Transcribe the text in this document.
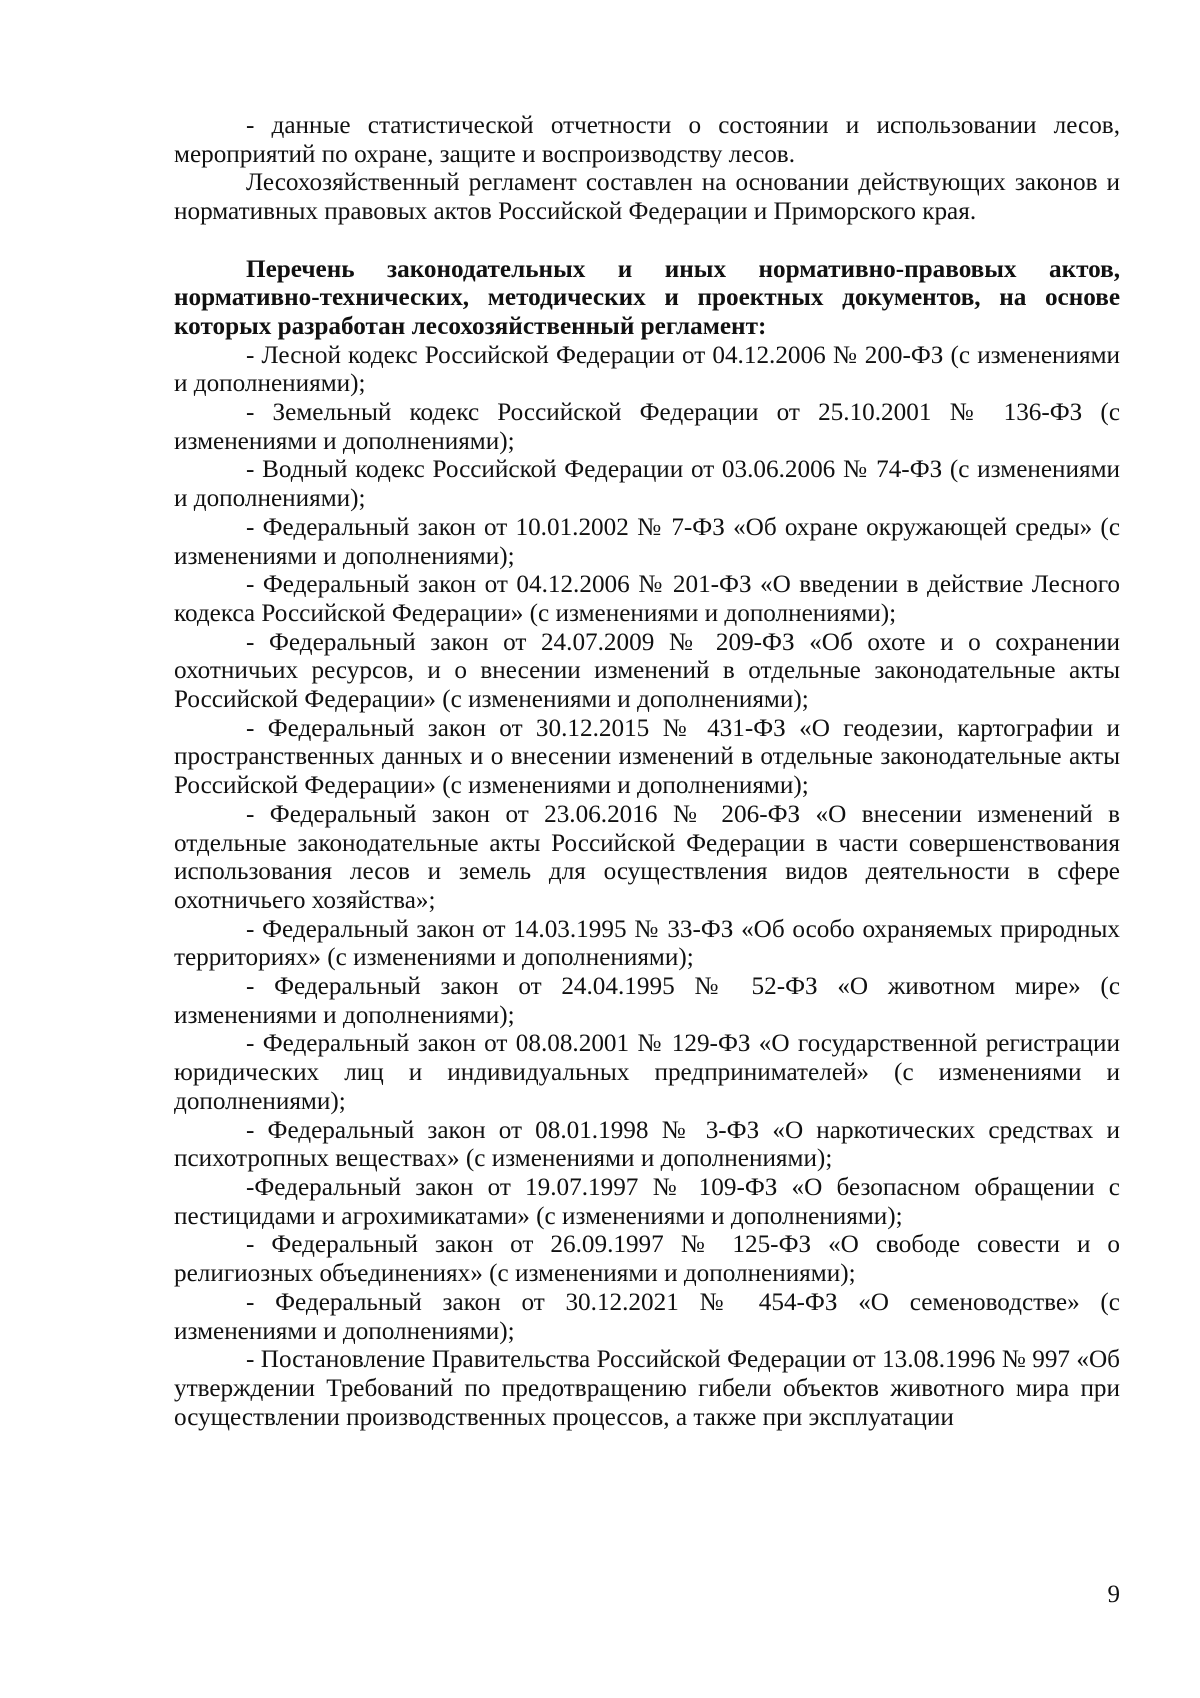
- данные статистической отчетности о состоянии и использовании лесов, мероприятий по охране, защите и воспроизводству лесов.

Лесохозяйственный регламент составлен на основании действующих законов и нормативных правовых актов Российской Федерации и Приморского края.

Перечень законодательных и иных нормативно-правовых актов, нормативно-технических, методических и проектных документов, на основе которых разработан лесохозяйственный регламент:

- Лесной кодекс Российской Федерации от 04.12.2006 № 200-ФЗ (с изменениями и дополнениями);

- Земельный кодекс Российской Федерации от 25.10.2001 № 136-ФЗ (с изменениями и дополнениями);

- Водный кодекс Российской Федерации от 03.06.2006 № 74-ФЗ (с изменениями и дополнениями);

- Федеральный закон от 10.01.2002 № 7-ФЗ «Об охране окружающей среды» (с изменениями и дополнениями);

- Федеральный закон от 04.12.2006 № 201-ФЗ «О введении в действие Лесного кодекса Российской Федерации» (с изменениями и дополнениями);

- Федеральный закон от 24.07.2009 № 209-ФЗ «Об охоте и о сохранении охотничьих ресурсов, и о внесении изменений в отдельные законодательные акты Российской Федерации» (с изменениями и дополнениями);

- Федеральный закон от 30.12.2015 № 431-ФЗ «О геодезии, картографии и пространственных данных и о внесении изменений в отдельные законодательные акты Российской Федерации» (с изменениями и дополнениями);

- Федеральный закон от 23.06.2016 № 206-ФЗ «О внесении изменений в отдельные законодательные акты Российской Федерации в части совершенствования использования лесов и земель для осуществления видов деятельности в сфере охотничьего хозяйства»;

- Федеральный закон от 14.03.1995 № 33-ФЗ «Об особо охраняемых природных территориях» (с изменениями и дополнениями);

- Федеральный закон от 24.04.1995 № 52-ФЗ «О животном мире» (с изменениями и дополнениями);

- Федеральный закон от 08.08.2001 № 129-ФЗ «О государственной регистрации юридических лиц и индивидуальных предпринимателей» (с изменениями и дополнениями);

- Федеральный закон от 08.01.1998 № 3-ФЗ «О наркотических средствах и психотропных веществах» (с изменениями и дополнениями);

-Федеральный закон от 19.07.1997 № 109-ФЗ «О безопасном обращении с пестицидами и агрохимикатами» (с изменениями и дополнениями);

- Федеральный закон от 26.09.1997 № 125-ФЗ «О свободе совести и о религиозных объединениях» (с изменениями и дополнениями);

- Федеральный закон от 30.12.2021 № 454-ФЗ «О семеноводстве» (с изменениями и дополнениями);

- Постановление Правительства Российской Федерации от 13.08.1996 № 997 «Об утверждении Требований по предотвращению гибели объектов животного мира при осуществлении производственных процессов, а также при эксплуатации

9
